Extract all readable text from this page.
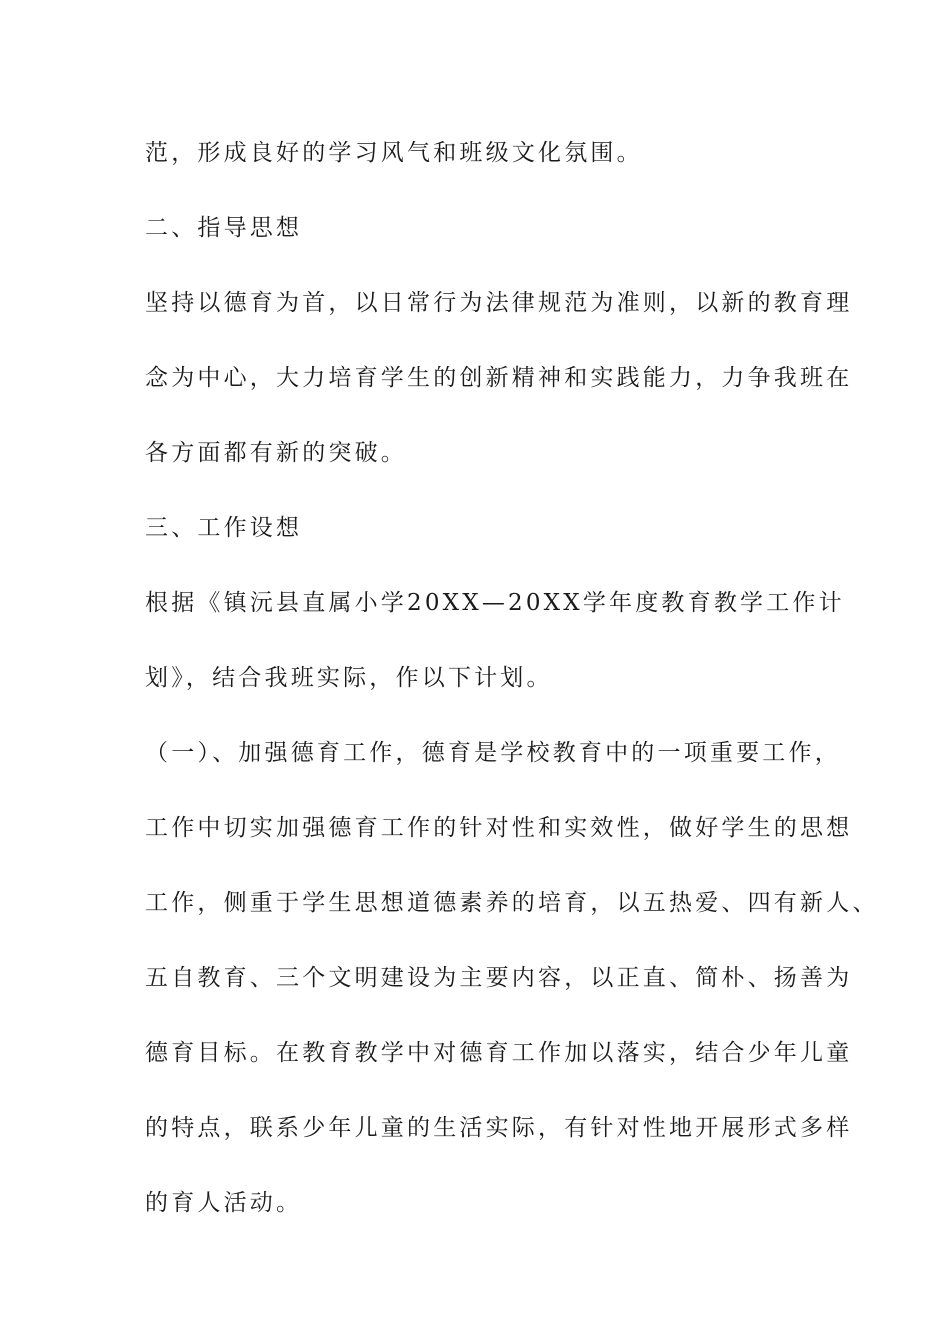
范，形成良好的学习风气和班级文化氛围。
二、指导思想
坚持以德育为首，以日常行为法律规范为准则，以新的教育理
念为中心，大力培育学生的创新精神和实践能力，力争我班在
各方面都有新的突破。
三、工作设想
根据《镇沅县直属小学20XX—20XX学年度教育教学工作计
划》，结合我班实际，作以下计划。
（一）、加强德育工作，德育是学校教育中的一项重要工作，
工作中切实加强德育工作的针对性和实效性，做好学生的思想
工作，侧重于学生思想道德素养的培育，以五热爱、四有新人、
五自教育、三个文明建设为主要内容，以正直、简朴、扬善为
德育目标。在教育教学中对德育工作加以落实，结合少年儿童
的特点，联系少年儿童的生活实际，有针对性地开展形式多样
的育人活动。
